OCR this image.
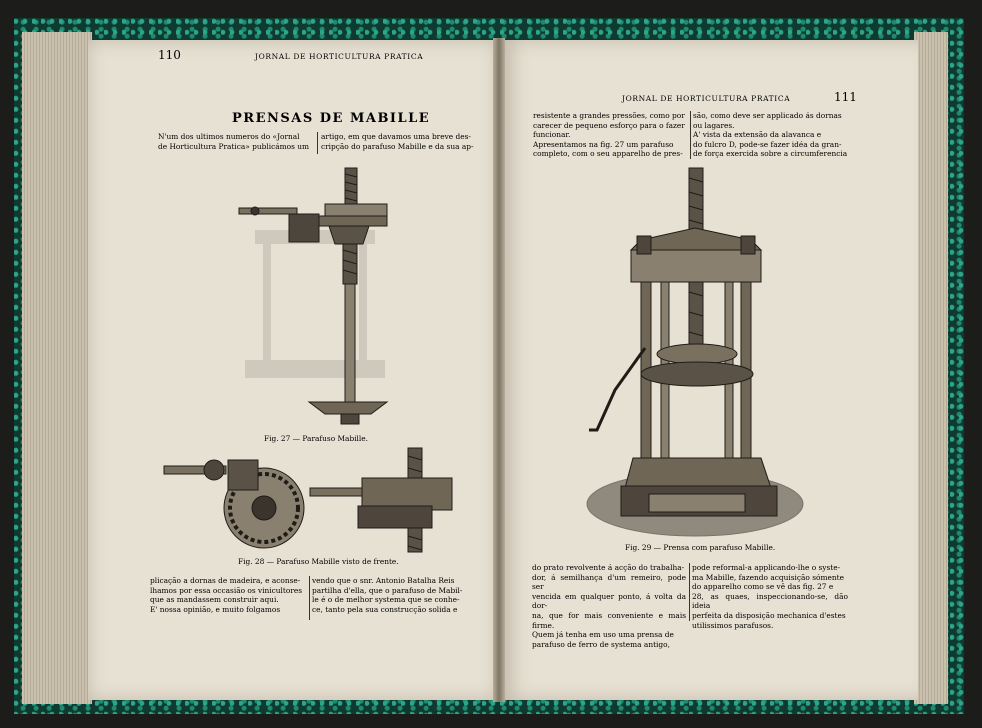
110	JORNAL DE HORTICULTURA PRATICA
PRENSAS DE MABILLE
N'um dos ultimos numeros do «Jornal
de Horticultura Pratica» publicámos um
artigo, em que davamos uma breve des-
cripção do parafuso Mabille e da sua ap-
Fig. 27 — Parafuso Mabille.
Fig. 28 — Parafuso Mabille visto de frente.
plicação a dornas de madeira, e aconse-
lhamos por essa occasião os vinicultores
que as mandassem construir aqui.
E' nossa opinião, e muito folgamos
vendo que o snr. Antonio Batalha Reis
partilha d'ella, que o parafuso de Mabil-
le é o de melhor systema que se conhe-
ce, tanto pela sua construcção solida e
JORNAL DE HORTICULTURA PRATICA	111
resistente a grandes pressões, como por
carecer de pequeno esforço para o fazer
funcionar.
Apresentamos na fig. 27 um parafuso
completo, com o seu apparelho de pres-
são, como deve ser applicado ás dornas
ou lagares.
A' vista da extensão da alavanca e
do fulcro D, pode-se fazer idéa da gran-
de força exercida sobre a circumferencia
Fig. 29 — Prensa com parafuso Mabille.
do prato revolvente á acção do trabalha-
dor, á semilhança d'um remeiro, pode ser
vencida em qualquer ponto, á volta da dor-
na, que for mais conveniente e mais firme.
Quem já tenha em uso uma prensa de
parafuso de ferro de systema antigo,
pode reformal-a applicando-lhe o syste-
ma Mabille, fazendo acquisição sómente
do apparelho como se vê das fig. 27 e
28, as quaes, inspeccionando-se, dão ideia
perfeita da disposição mechanica d'estes
utilissimos parafusos.
